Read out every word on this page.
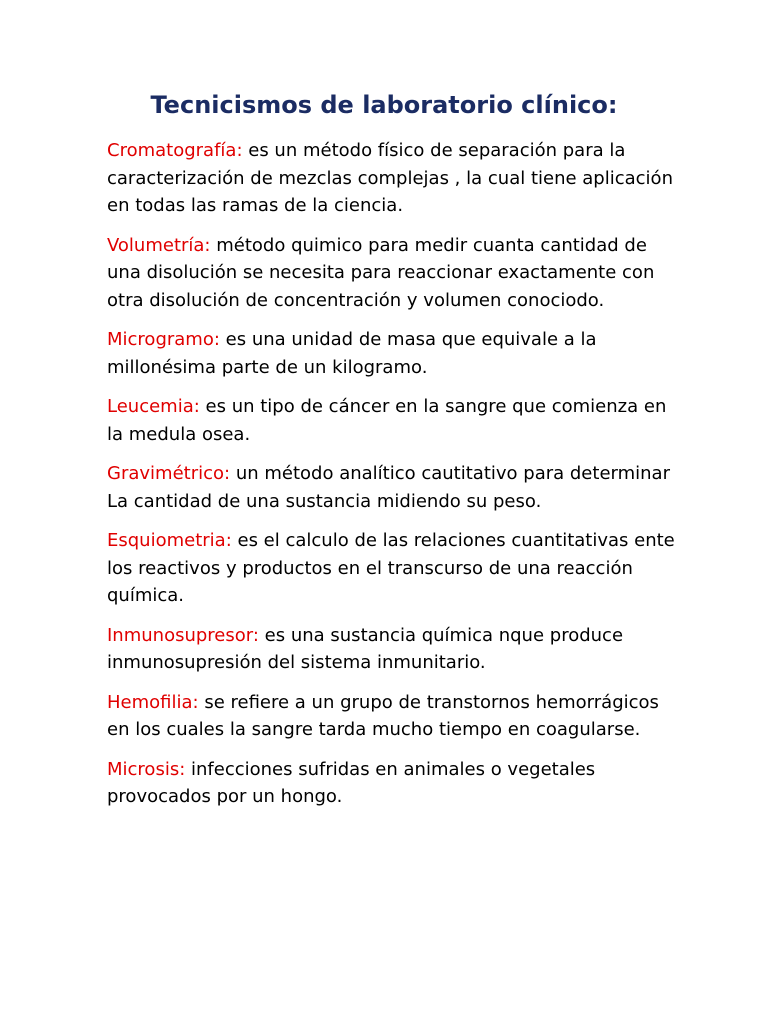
Tecnicismos de laboratorio clínico:

Cromatografía: es un método físico de separación para la caracterización de mezclas complejas , la cual tiene aplicación en todas las ramas de la ciencia.

Volumetría: método quimico para medir cuanta cantidad de una disolución se necesita para reaccionar exactamente con otra disolución de concentración y volumen conociodo.

Microgramo: es una unidad de masa que equivale a la millonésima parte de un kilogramo.

Leucemia: es un tipo de cáncer en la sangre que comienza en la medula osea.

Gravimétrico: un método analítico cautitativo para determinar La cantidad de una sustancia midiendo su peso.

Esquiometria: es el calculo de las relaciones cuantitativas ente los reactivos y productos en el transcurso de una reacción química.

Inmunosupresor: es una sustancia química nque produce inmunosupresión del sistema inmunitario.

Hemofilia: se refiere a un grupo de transtornos hemorrágicos en los cuales la sangre tarda mucho tiempo en coagularse.

Microsis: infecciones sufridas en animales o vegetales provocados por un hongo.
